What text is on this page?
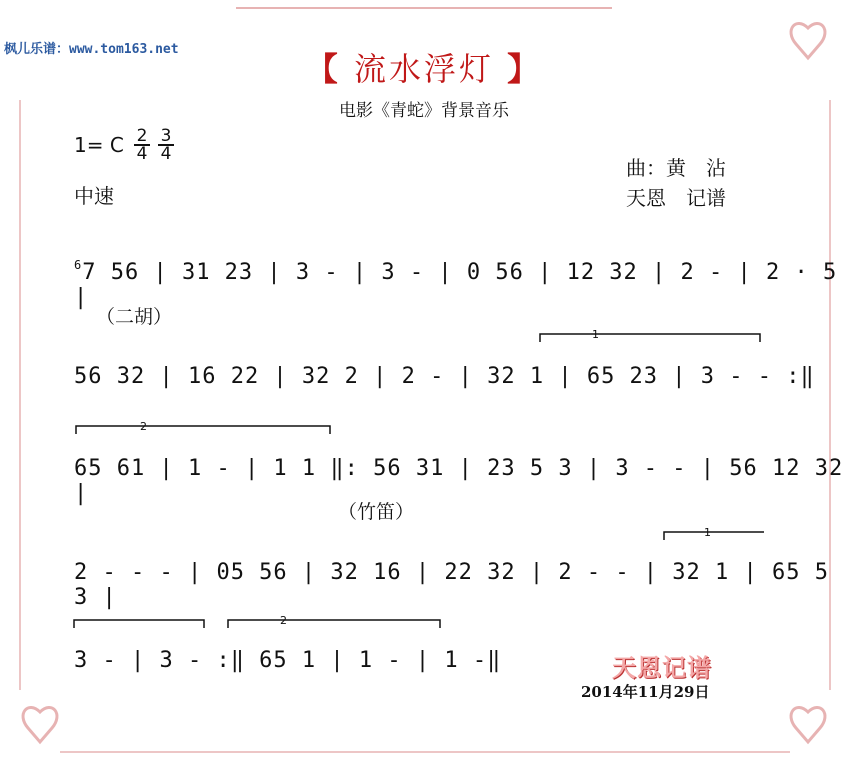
1
2
1
2
枫儿乐谱：www.tom163.net
【 流水浮灯 】
电影《青蛇》背景音乐
1= C $\frac{2}{4} \frac{3}{4}$
中速
曲：黄　沾
天恩　记谱
$^6$7 56 | 31 23 | 3 - | 3 - | 0 56 | 12 32 | 2 - | 2 · 5 |
（二胡）
56 32 | 16 22 | 32 2 | 2 - | 32 1 | 65 23 | 3 - - :‖
65 61 | 1 - | 1 1 ‖: 56 31 | 23 5 3 | 3 - - | 56 12 32 |
（竹笛）
2 - - - | 05 56 | 32 16 | 22 32 | 2 - - | 32 1 | 65 5 3 |
3 - | 3 - :‖ 65 1 | 1 - | 1 -‖	天恩记谱
2014年11月29日
